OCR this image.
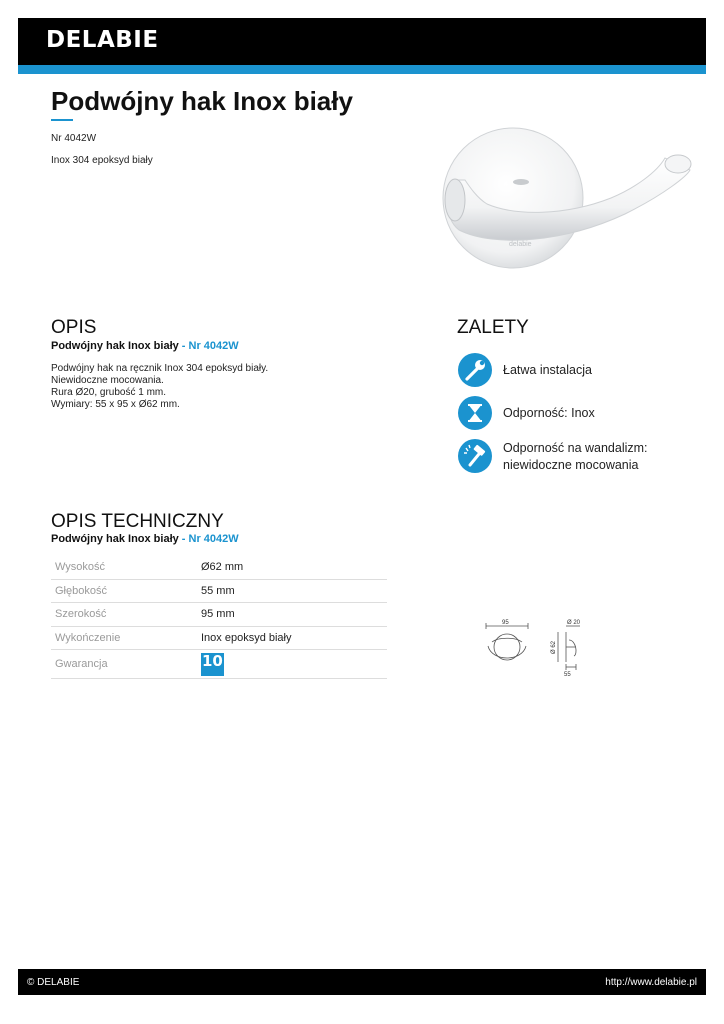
DELABIE
Podwójny hak Inox biały
Nr 4042W
Inox 304 epoksyd biały
delabie
OPIS
Podwójny hak Inox biały - Nr 4042W
Podwójny hak na ręcznik Inox 304 epoksyd biały.
Niewidoczne mocowania.
Rura Ø20, grubość 1 mm.
Wymiary: 55 x 95 x Ø62 mm.
ZALETY
Łatwa instalacja
Odporność: Inox
Odporność na wandalizm:
niewidoczne mocowania
OPIS TECHNICZNY
Podwójny hak Inox biały - Nr 4042W
Wysokość	Ø62 mm
Głębokość	55 mm
Szerokość	95 mm
Wykończenie	Inox epoksyd biały
Gwarancja	10
95	Ø 20
Ø 62
55
© DELABIE	http://www.delabie.pl
